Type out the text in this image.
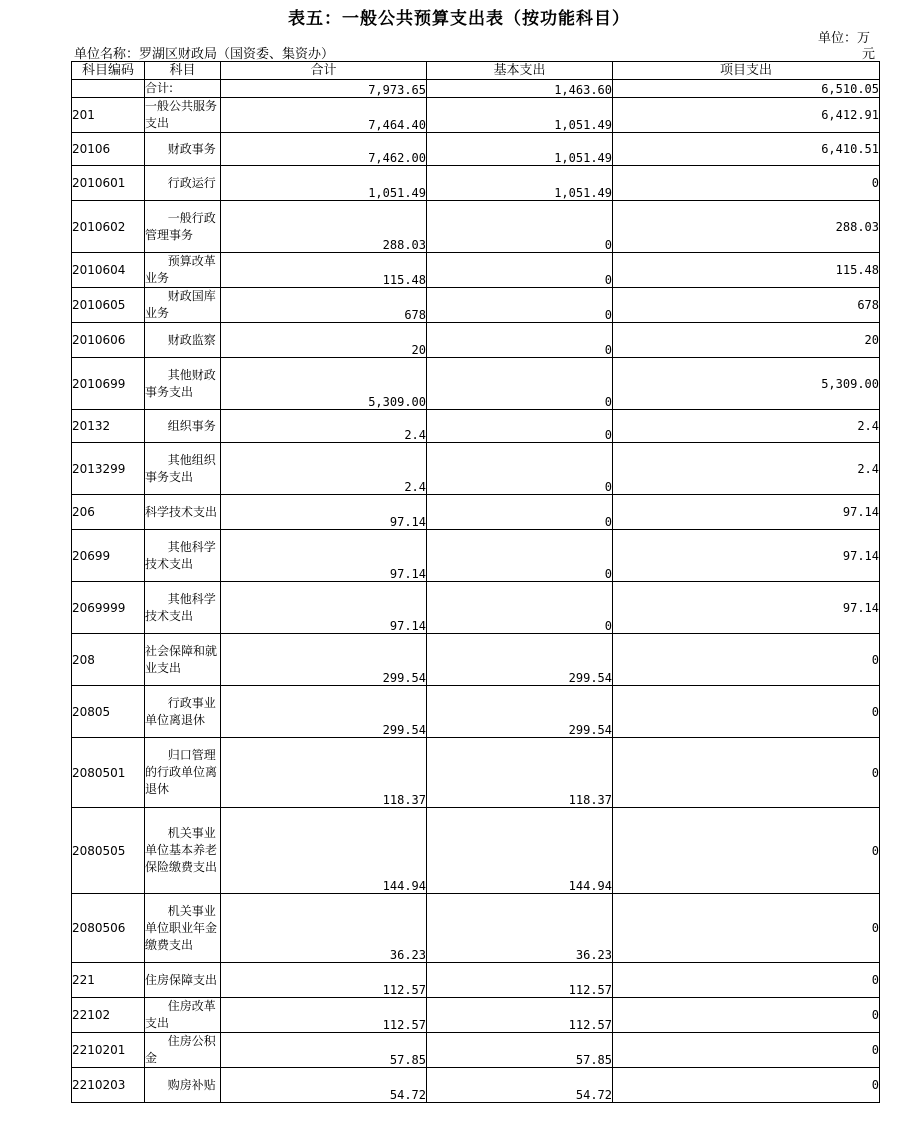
表五：一般公共预算支出表（按功能科目）
单位：万
元
单位名称：罗湖区财政局（国资委、集资办）
科目编码	科目	合计	基本支出	项目支出
	合计:	7,973.65	1,463.60	6,510.05
201	一般公共服务支出	7,464.40	1,051.49	6,412.91
20106	财政事务	7,462.00	1,051.49	6,410.51
2010601	行政运行	1,051.49	1,051.49	0
2010602	一般行政管理事务	288.03	0	288.03
2010604	预算改革业务	115.48	0	115.48
2010605	财政国库业务	678	0	678
2010606	财政监察	20	0	20
2010699	其他财政事务支出	5,309.00	0	5,309.00
20132	组织事务	2.4	0	2.4
2013299	其他组织事务支出	2.4	0	2.4
206	科学技术支出	97.14	0	97.14
20699	其他科学技术支出	97.14	0	97.14
2069999	其他科学技术支出	97.14	0	97.14
208	社会保障和就业支出	299.54	299.54	0
20805	行政事业单位离退休	299.54	299.54	0
2080501	归口管理的行政单位离退休	118.37	118.37	0
2080505	机关事业单位基本养老保险缴费支出	144.94	144.94	0
2080506	机关事业单位职业年金缴费支出	36.23	36.23	0
221	住房保障支出	112.57	112.57	0
22102	住房改革支出	112.57	112.57	0
2210201	住房公积金	57.85	57.85	0
2210203	购房补贴	54.72	54.72	0
